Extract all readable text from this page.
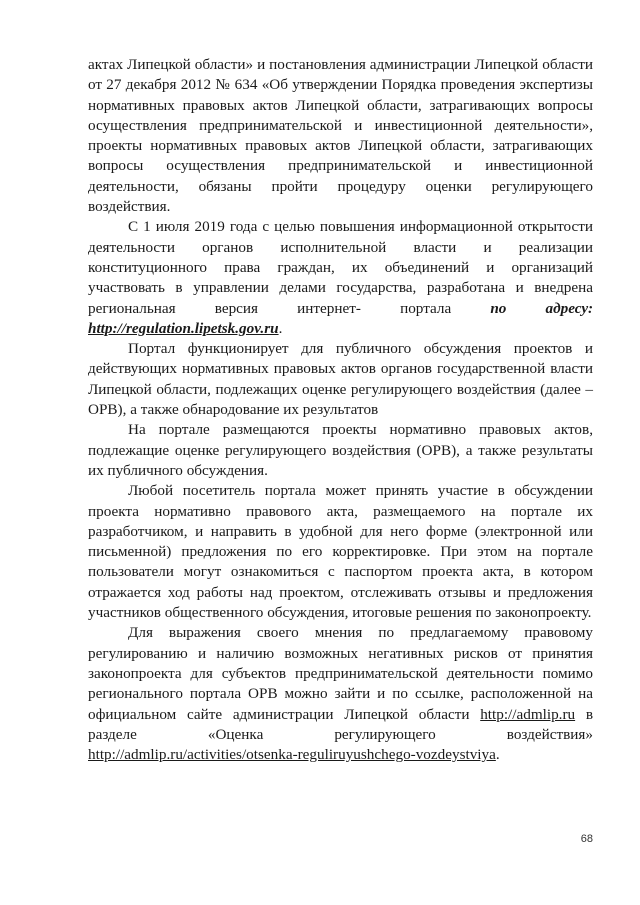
актах Липецкой области» и постановления администрации Липецкой области от 27 декабря 2012 № 634 «Об утверждении Порядка проведения экспертизы нормативных правовых актов Липецкой области, затрагивающих вопросы осуществления предпринимательской и инвестиционной деятельности», проекты нормативных правовых актов Липецкой области, затрагивающих вопросы осуществления предпринимательской и инвестиционной деятельности, обязаны пройти процедуру оценки регулирующего воздействия.

С 1 июля 2019 года с целью повышения информационной открытости деятельности органов исполнительной власти и реализации конституционного права граждан, их объединений и организаций участвовать в управлении делами государства, разработана и внедрена региональная версия интернет- портала	по адресу: http://regulation.lipetsk.gov.ru.

Портал функционирует для публичного обсуждения проектов и действующих нормативных правовых актов органов государственной власти Липецкой области, подлежащих оценке регулирующего воздействия (далее – ОРВ), а также обнародование их результатов

На портале размещаются проекты нормативно правовых актов, подлежащие оценке регулирующего воздействия (ОРВ), а также результаты их публичного обсуждения.

Любой посетитель портала может принять участие в обсуждении проекта нормативно правового акта, размещаемого на портале их разработчиком, и направить в удобной для него форме (электронной или письменной) предложения по его корректировке. При этом на портале пользователи могут ознакомиться с паспортом проекта акта, в котором отражается ход работы над проектом, отслеживать отзывы и предложения участников общественного обсуждения, итоговые решения по законопроекту.

Для выражения своего мнения по предлагаемому правовому регулированию и наличию возможных негативных рисков от принятия законопроекта для субъектов предпринимательской деятельности помимо регионального портала ОРВ можно зайти и по ссылке, расположенной на официальном сайте администрации Липецкой области http://admlip.ru в разделе «Оценка регулирующего воздействия» http://admlip.ru/activities/otsenka-reguliruyushchego-vozdeystviya.

68
